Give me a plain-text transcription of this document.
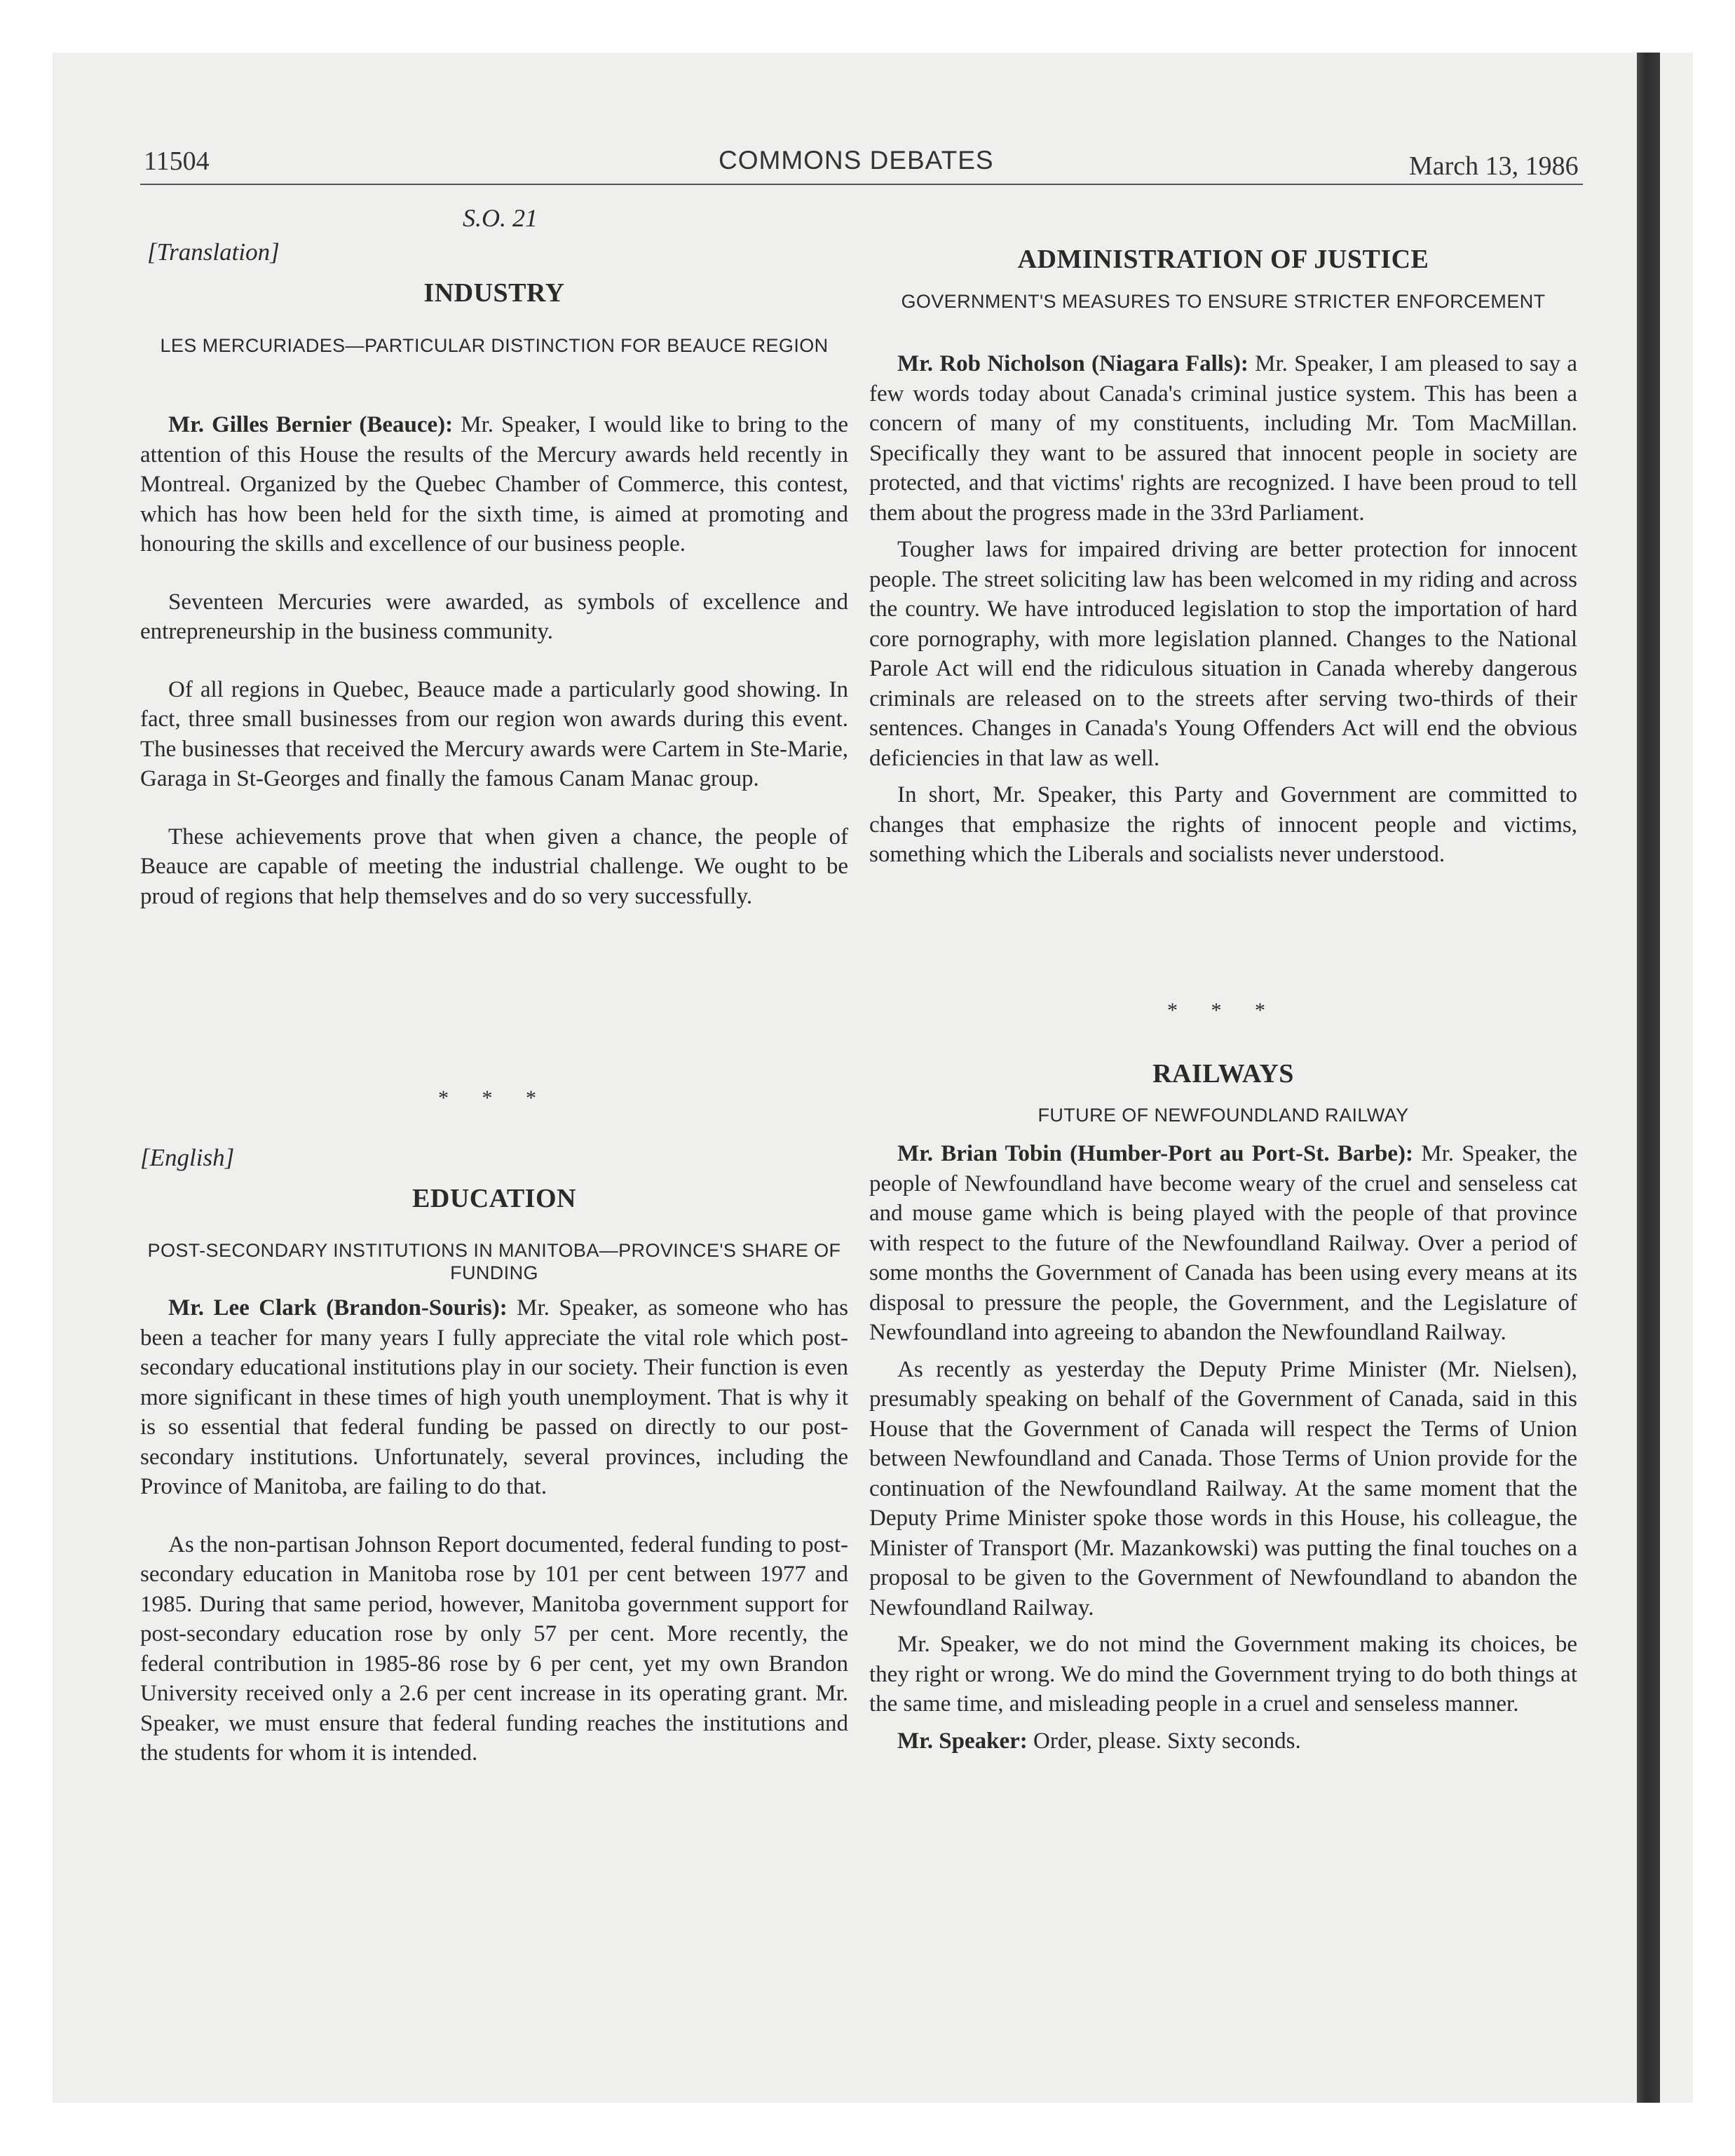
11504	COMMONS DEBATES	March 13, 1986
S.O. 21
[Translation]
INDUSTRY
LES MERCURIADES—PARTICULAR DISTINCTION FOR BEAUCE REGION

Mr. Gilles Bernier (Beauce): Mr. Speaker, I would like to bring to the attention of this House the results of the Mercury awards held recently in Montreal. Organized by the Quebec Chamber of Commerce, this contest, which has how been held for the sixth time, is aimed at promoting and honouring the skills and excellence of our business people.

Seventeen Mercuries were awarded, as symbols of excellence and entrepreneurship in the business community.

Of all regions in Quebec, Beauce made a particularly good showing. In fact, three small businesses from our region won awards during this event. The businesses that received the Mercury awards were Cartem in Ste-Marie, Garaga in St-Georges and finally the famous Canam Manac group.

These achievements prove that when given a chance, the people of Beauce are capable of meeting the industrial challenge. We ought to be proud of regions that help themselves and do so very successfully.

* * *
[English]
EDUCATION
POST-SECONDARY INSTITUTIONS IN MANITOBA—PROVINCE'S SHARE OF FUNDING

Mr. Lee Clark (Brandon-Souris): Mr. Speaker, as someone who has been a teacher for many years I fully appreciate the vital role which post-secondary educational institutions play in our society. Their function is even more significant in these times of high youth unemployment. That is why it is so essential that federal funding be passed on directly to our post-secondary institutions. Unfortunately, several provinces, including the Province of Manitoba, are failing to do that.

As the non-partisan Johnson Report documented, federal funding to post-secondary education in Manitoba rose by 101 per cent between 1977 and 1985. During that same period, however, Manitoba government support for post-secondary education rose by only 57 per cent. More recently, the federal contribution in 1985-86 rose by 6 per cent, yet my own Brandon University received only a 2.6 per cent increase in its operating grant. Mr. Speaker, we must ensure that federal funding reaches the institutions and the students for whom it is intended.

ADMINISTRATION OF JUSTICE
GOVERNMENT'S MEASURES TO ENSURE STRICTER ENFORCEMENT

Mr. Rob Nicholson (Niagara Falls): Mr. Speaker, I am pleased to say a few words today about Canada's criminal justice system. This has been a concern of many of my constituents, including Mr. Tom MacMillan. Specifically they want to be assured that innocent people in society are protected, and that victims' rights are recognized. I have been proud to tell them about the progress made in the 33rd Parliament.

Tougher laws for impaired driving are better protection for innocent people. The street soliciting law has been welcomed in my riding and across the country. We have introduced legislation to stop the importation of hard core pornography, with more legislation planned. Changes to the National Parole Act will end the ridiculous situation in Canada whereby dangerous criminals are released on to the streets after serving two-thirds of their sentences. Changes in Canada's Young Offenders Act will end the obvious deficiencies in that law as well.

In short, Mr. Speaker, this Party and Government are committed to changes that emphasize the rights of innocent people and victims, something which the Liberals and socialists never understood.

* * *
RAILWAYS
FUTURE OF NEWFOUNDLAND RAILWAY

Mr. Brian Tobin (Humber-Port au Port-St. Barbe): Mr. Speaker, the people of Newfoundland have become weary of the cruel and senseless cat and mouse game which is being played with the people of that province with respect to the future of the Newfoundland Railway. Over a period of some months the Government of Canada has been using every means at its disposal to pressure the people, the Government, and the Legislature of Newfoundland into agreeing to abandon the Newfoundland Railway.

As recently as yesterday the Deputy Prime Minister (Mr. Nielsen), presumably speaking on behalf of the Government of Canada, said in this House that the Government of Canada will respect the Terms of Union between Newfoundland and Canada. Those Terms of Union provide for the continuation of the Newfoundland Railway. At the same moment that the Deputy Prime Minister spoke those words in this House, his colleague, the Minister of Transport (Mr. Mazankowski) was putting the final touches on a proposal to be given to the Government of Newfoundland to abandon the Newfoundland Railway.

Mr. Speaker, we do not mind the Government making its choices, be they right or wrong. We do mind the Government trying to do both things at the same time, and misleading people in a cruel and senseless manner.

Mr. Speaker: Order, please. Sixty seconds.
